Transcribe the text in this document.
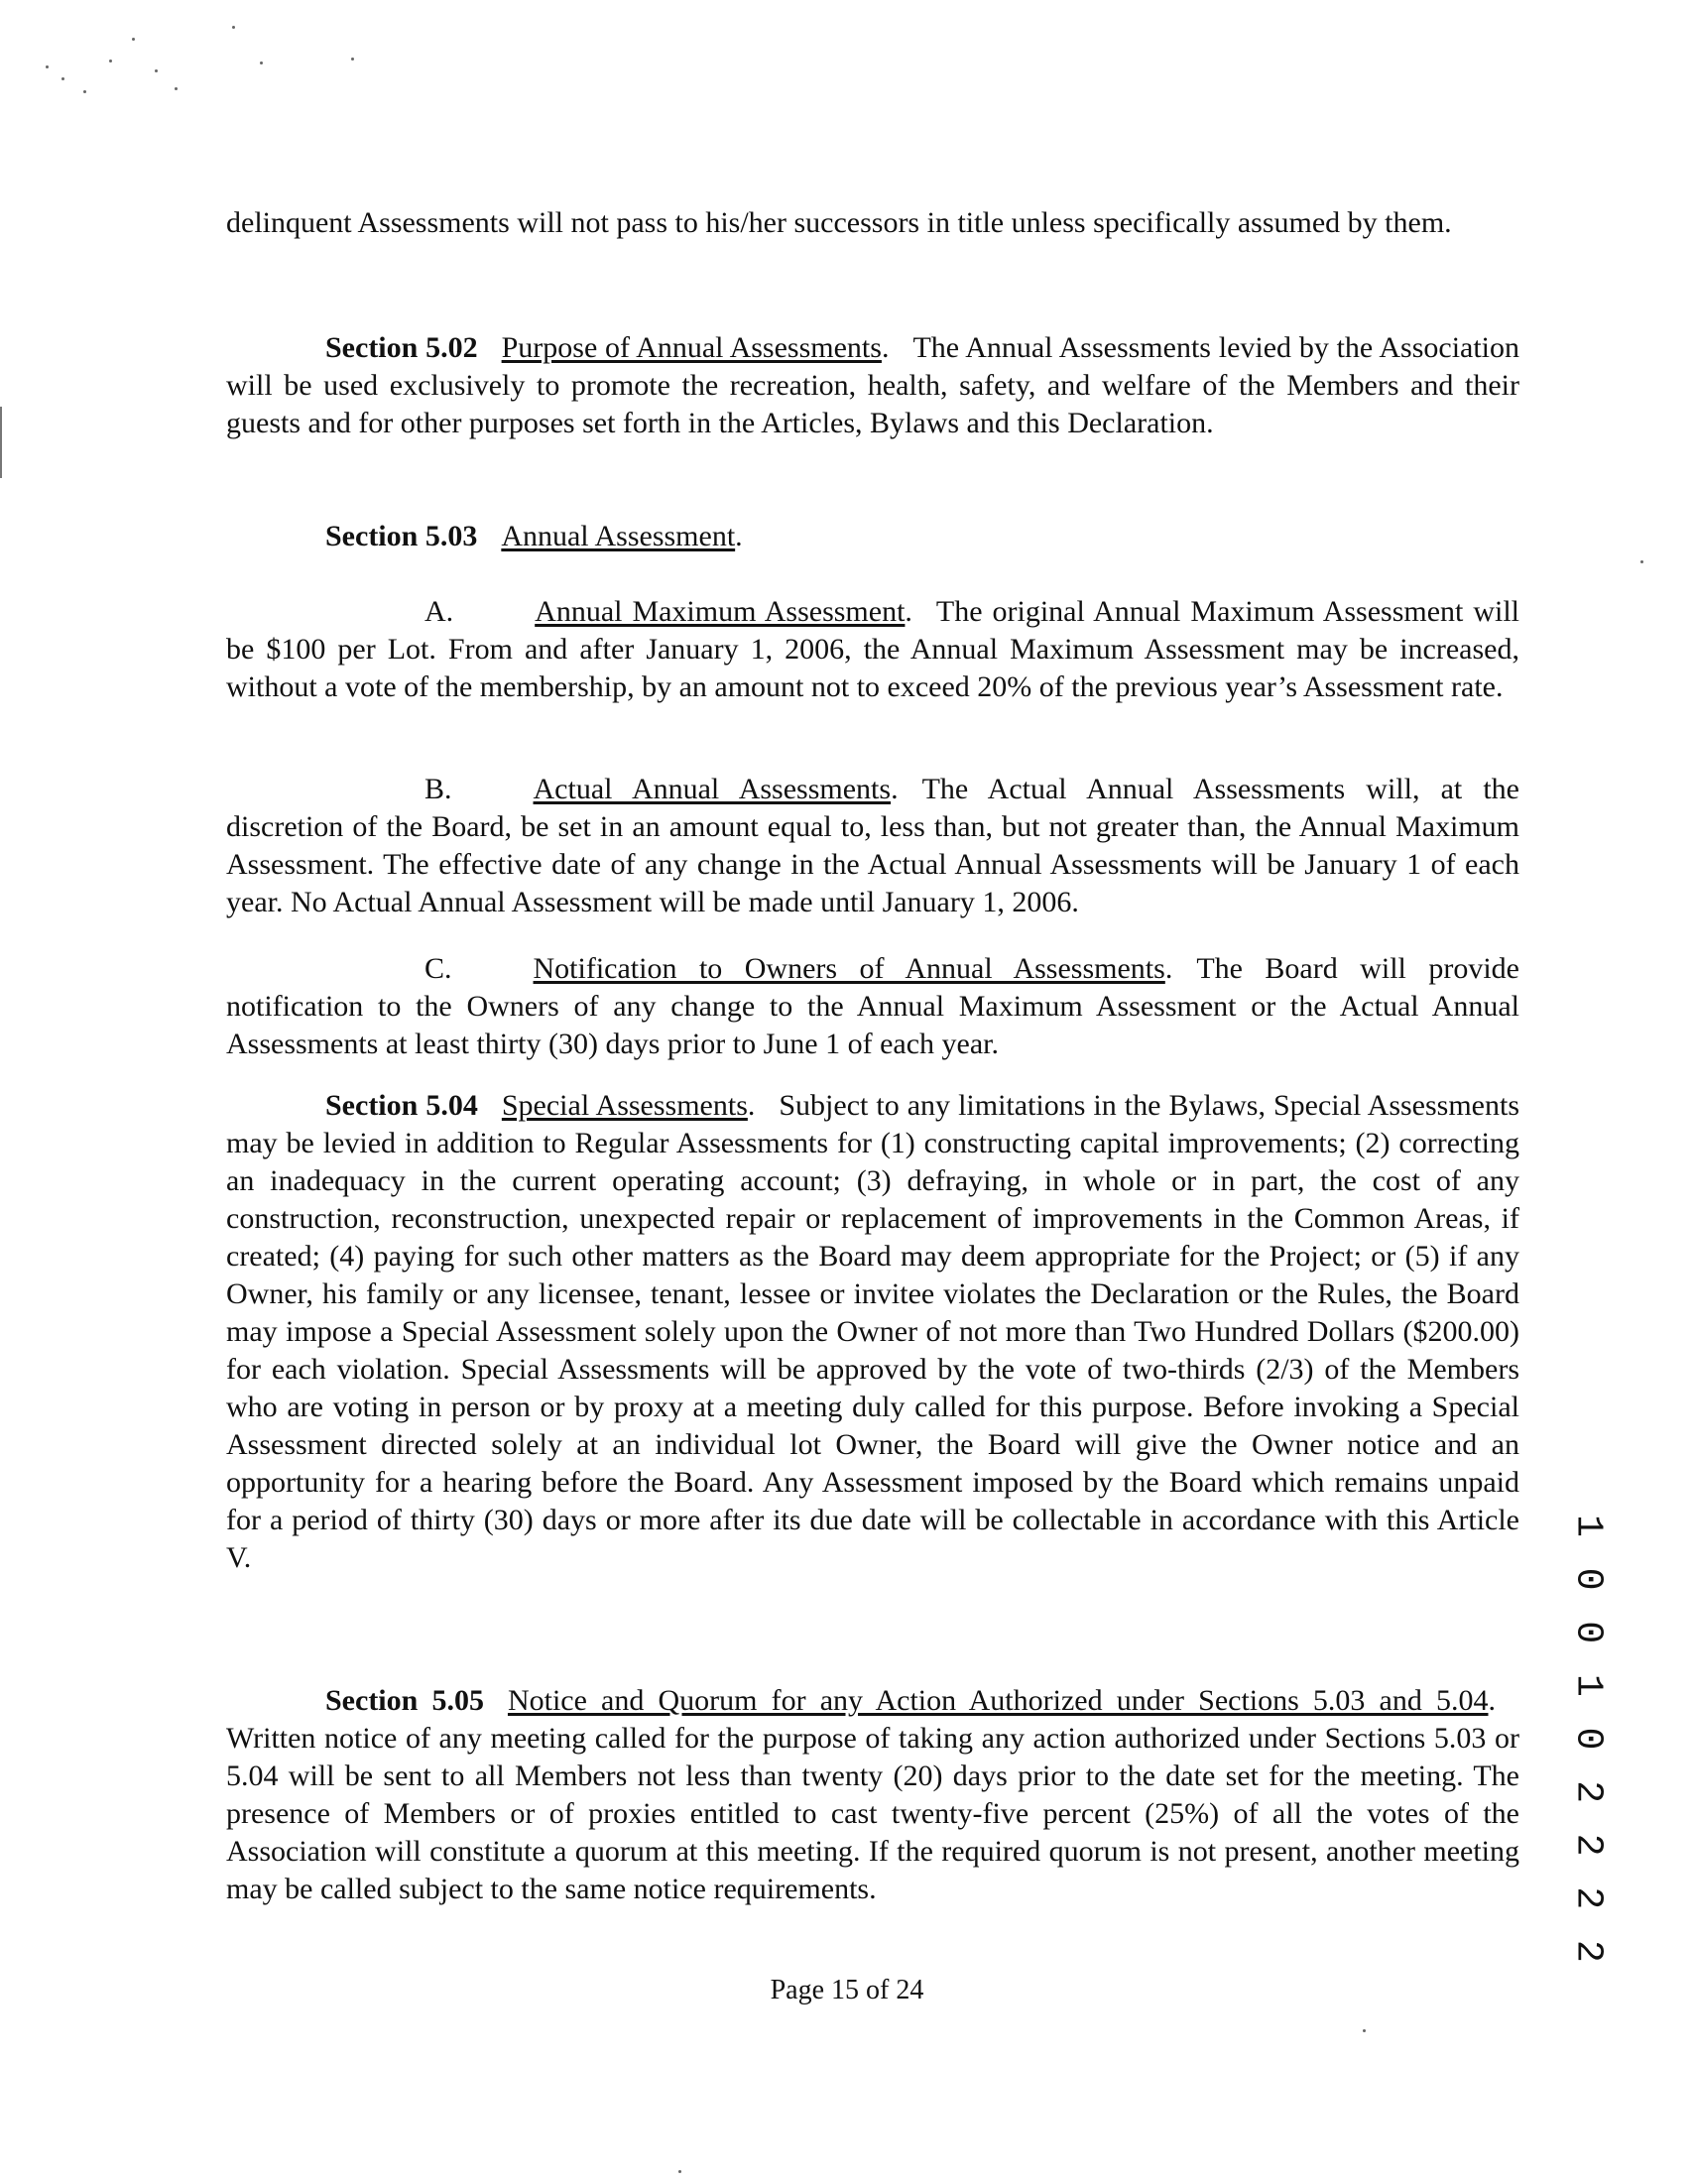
delinquent Assessments will not pass to his/her successors in title unless specifically assumed by them.

Section 5.02 Purpose of Annual Assessments. The Annual Assessments levied by the Association will be used exclusively to promote the recreation, health, safety, and welfare of the Members and their guests and for other purposes set forth in the Articles, Bylaws and this Declaration.

Section 5.03 Annual Assessment.

A.	Annual Maximum Assessment. The original Annual Maximum Assessment will be $100 per Lot. From and after January 1, 2006, the Annual Maximum Assessment may be increased, without a vote of the membership, by an amount not to exceed 20% of the previous year’s Assessment rate.

B.	Actual Annual Assessments. The Actual Annual Assessments will, at the discretion of the Board, be set in an amount equal to, less than, but not greater than, the Annual Maximum Assessment. The effective date of any change in the Actual Annual Assessments will be January 1 of each year. No Actual Annual Assessment will be made until January 1, 2006.

C.	Notification to Owners of Annual Assessments. The Board will provide notification to the Owners of any change to the Annual Maximum Assessment or the Actual Annual Assessments at least thirty (30) days prior to June 1 of each year.

Section 5.04 Special Assessments. Subject to any limitations in the Bylaws, Special Assessments may be levied in addition to Regular Assessments for (1) constructing capital improvements; (2) correcting an inadequacy in the current operating account; (3) defraying, in whole or in part, the cost of any construction, reconstruction, unexpected repair or replacement of improvements in the Common Areas, if created; (4) paying for such other matters as the Board may deem appropriate for the Project; or (5) if any Owner, his family or any licensee, tenant, lessee or invitee violates the Declaration or the Rules, the Board may impose a Special Assessment solely upon the Owner of not more than Two Hundred Dollars ($200.00) for each violation. Special Assessments will be approved by the vote of two-thirds (2/3) of the Members who are voting in person or by proxy at a meeting duly called for this purpose. Before invoking a Special Assessment directed solely at an individual lot Owner, the Board will give the Owner notice and an opportunity for a hearing before the Board. Any Assessment imposed by the Board which remains unpaid for a period of thirty (30) days or more after its due date will be collectable in accordance with this Article V.

Section 5.05 Notice and Quorum for any Action Authorized under Sections 5.03 and 5.04.Written notice of any meeting called for the purpose of taking any action authorized under Sections 5.03 or 5.04 will be sent to all Members not less than twenty (20) days prior to the date set for the meeting. The presence of Members or of proxies entitled to cast twenty-five percent (25%) of all the votes of the Association will constitute a quorum at this meeting. If the required quorum is not present, another meeting may be called subject to the same notice requirements.	1 0 0 1 0 2 2 2 2
Page 15 of 24
